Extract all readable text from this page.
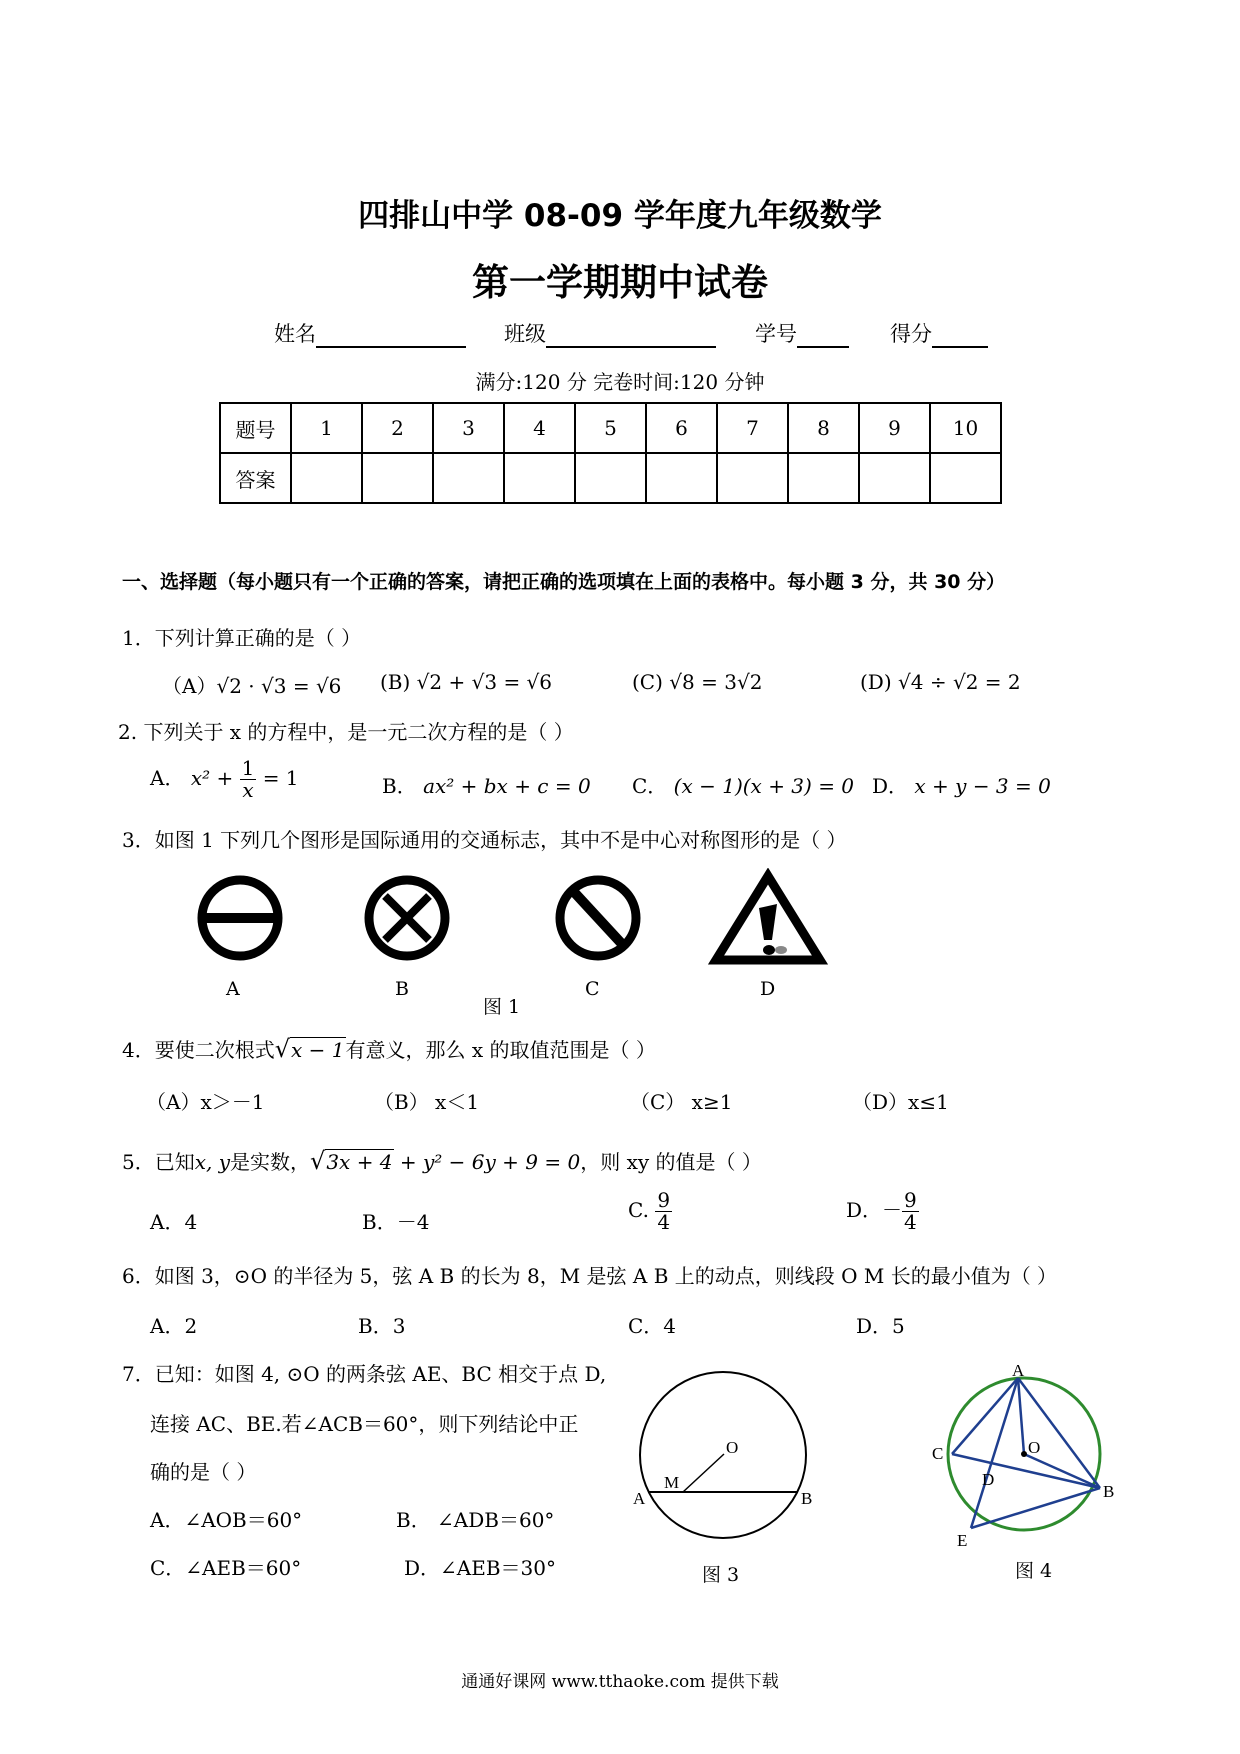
四排山中学 08-09 学年度九年级数学
第一学期期中试卷
姓名	班级	学号	得分
满分:120 分 完卷时间:120 分钟
题号	1	2	3	4	5	6	7	8	9	10
答案										
一、选择题（每小题只有一个正确的答案，请把正确的选项填在上面的表格中。每小题 3 分，共 30 分）
1．下列计算正确的是（ ）
（A）√2 · √3 = √6 (B) √2 + √3 = √6	(C) √8 = 3√2	(D) √4 ÷ √2 = 2
2. 下列关于 x 的方程中，是一元二次方程的是（ ）
A． $x^2 + \frac{1}{x} = 1$	B． ax² + bx + c = 0 C． (x − 1)(x + 3) = 0 D． x + y − 3 = 0
3．如图 1 下列几个图形是国际通用的交通标志，其中不是中心对称图形的是（ ）
A	B	C	D
图 1
4．要使二次根式√x − 1有意义，那么 x 的取值范围是（ ）
（A）x＞－1	（B） x＜1	（C） x≥1	（D）x≤1
5．已知x, y是实数，√3x + 4 + y² − 6y + 9 = 0，则 xy 的值是（ ）
A．4	B．－4	C. $\frac{9}{4}$	D．－ $\frac{9}{4}$
6．如图 3，⊙O 的半径为 5，弦 A B 的长为 8，M 是弦 A B 上的动点，则线段 O M 长的最小值为（ ）
A．2	B．3	C．4	D．5
7．已知：如图 4, ⊙O 的两条弦 AE、BC 相交于点 D,
连接 AC、BE.若∠ACB＝60°，则下列结论中正
确的是（ ）
A．∠AOB＝60°	B． ∠ADB＝60°
C．∠AEB＝60°	D．∠AEB＝30°
O
M
A	B
图 3
A
B
C
D
E
O
图 4
通通好课网 www.tthaoke.com 提供下载
